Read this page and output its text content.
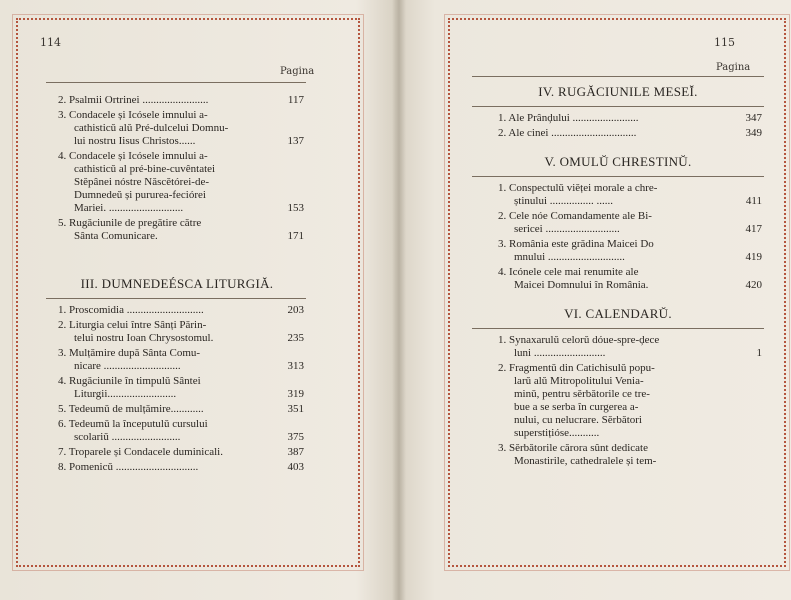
114
Pagina
117
2. Psalmii Ortrinei ........................
3. Condacele și Icósele imnului a-
cathisticŭ alŭ Pré-dulcelui Domnu-
137
lui nostru Iisus Christos......
4. Condacele și Icósele imnului a-
cathisticŭ al pré-bine-cuvêntatei
Stĕpânei nóstre Născĕtórei-de-
Dumnedeŭ și pururea-feciórei
153
Mariei. ...........................
5. Rugăciunile de pregătire către
171
Sânta Comunicare.
III. DUMNEDEÉSCA LITURGIĂ.
203
1. Proscomidia ............................
2. Liturgia celui între Sânți Părin-
235
telui nostru Ioan Chrysostomul.
3. Mulțămire după Sânta Comu-
313
nicare ............................
4. Rugăciunile în timpulŭ Sântei
319
Liturgii.........................
351
5. Tedeumŭ de mulțămire............
6. Tedeumŭ la începutulŭ cursului
375
scolariŭ .........................
387
7. Troparele și Condacele duminicali.
403
8. Pomenicŭ ..............................
115
Pagina
IV. RUGĂCIUNILE MESEĬ.
347
1. Ale Prânḑului ........................
349
2. Ale cinei ...............................
V. OMULŬ CHRESTINŬ.
1. Conspectulŭ viĕței morale a chre-
411
știnului ................ ......
2. Cele nóe Comandamente ale Bi-
417
sericei ...........................
3. România este grădina Maicei Do
419
mnului ............................
4. Icónele cele mai renumite ale
420
Maicei Domnului în România.
VI. CALENDARŬ.
1. Synaxarulŭ celorŭ dóue-spre-ḑece
1
luni ..........................
2. Fragmentŭ din Catichisulŭ popu-
larŭ alŭ Mitropolitului Venia-
minŭ, pentru sĕrbătorile ce tre-
bue a se serba în curgerea a-
nului, cu nelucrare. Sĕrbători
superstițióse...........
3. Sĕrbătorile cărora sûnt dedicate
Monastirile, cathedralele și tem-
